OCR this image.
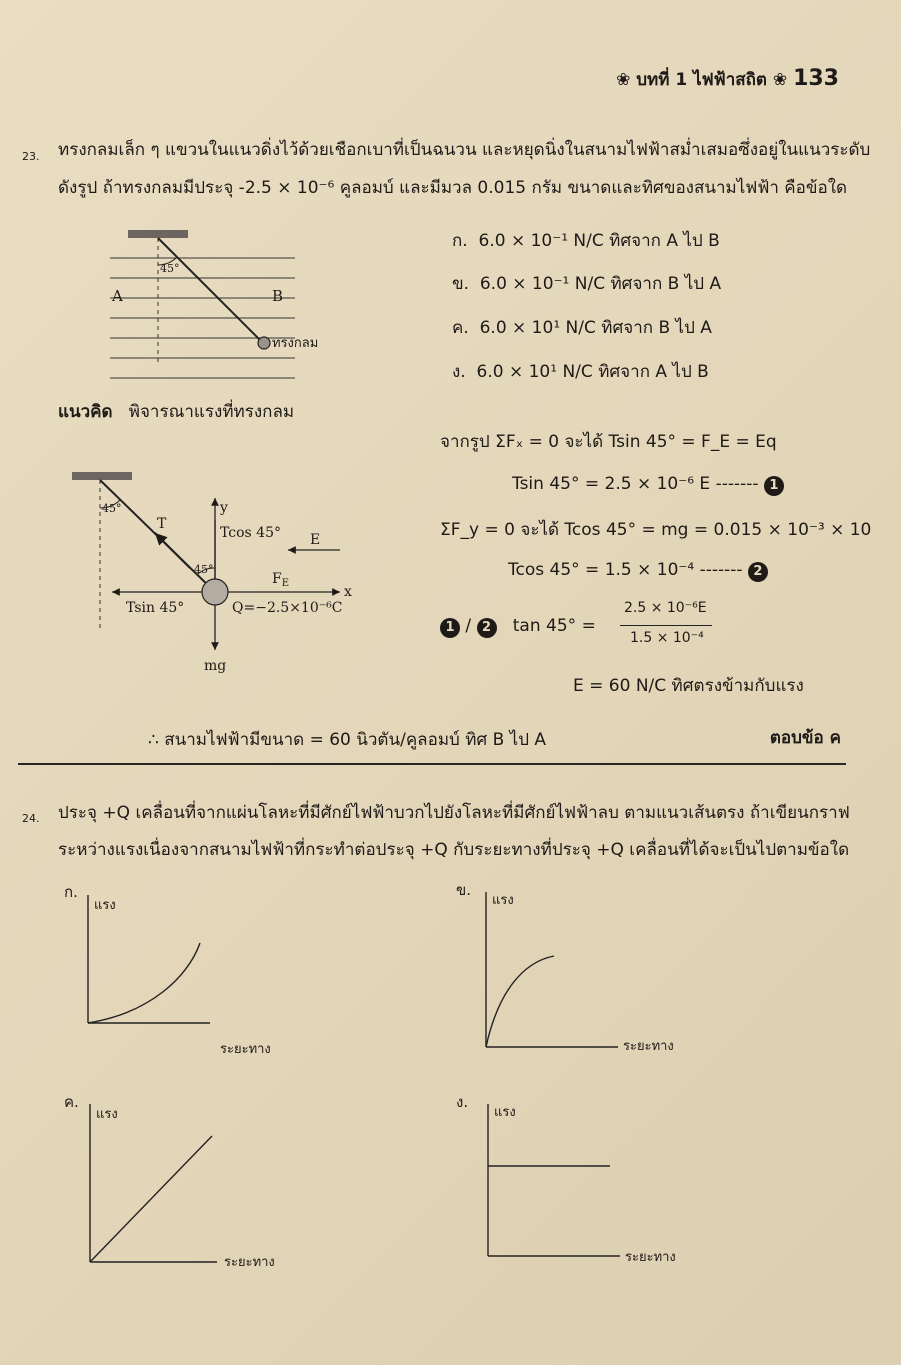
❀ บทที่ 1 ไฟฟ้าสถิต ❀ 133
23. ทรงกลมเล็ก ๆ แขวนในแนวดิ่งไว้ด้วยเชือกเบาที่เป็นฉนวน และหยุดนิ่งในสนามไฟฟ้าสม่ำเสมอซึ่งอยู่ในแนวระดับ
ดังรูป ถ้าทรงกลมมีประจุ -2.5 × 10⁻⁶ คูลอมบ์ และมีมวล 0.015 กรัม ขนาดและทิศของสนามไฟฟ้า คือข้อใด
45°
A	B
ทรงกลม
ก. 6.0 × 10⁻¹ N/C ทิศจาก A ไป B
ข. 6.0 × 10⁻¹ N/C ทิศจาก B ไป A
ค. 6.0 × 10¹ N/C ทิศจาก B ไป A
ง. 6.0 × 10¹ N/C ทิศจาก A ไป B
แนวคิด พิจารณาแรงที่ทรงกลม
45°
T
y
Tcos 45° E
45°
$F_E$
x
Tsin 45°	Q=−2.5×10⁻⁶C
mg
จากรูป ΣFₓ = 0 จะได้ Tsin 45° = F_E = Eq
Tsin 45° = 2.5 × 10⁻⁶ E ------- 1
ΣF_y = 0 จะได้ Tcos 45° = mg = 0.015 × 10⁻³ × 10
Tcos 45° = 1.5 × 10⁻⁴ ------- 2
1 / 2 tan 45° =
2.5 × 10⁻⁶E
1.5 × 10⁻⁴
E = 60 N/C ทิศตรงข้ามกับแรง
∴ สนามไฟฟ้ามีขนาด = 60 นิวตัน/คูลอมบ์ ทิศ B ไป A	ตอบข้อ ค
24. ประจุ +Q เคลื่อนที่จากแผ่นโลหะที่มีศักย์ไฟฟ้าบวกไปยังโลหะที่มีศักย์ไฟฟ้าลบ ตามแนวเส้นตรง ถ้าเขียนกราฟ
ระหว่างแรงเนื่องจากสนามไฟฟ้าที่กระทำต่อประจุ +Q กับระยะทางที่ประจุ +Q เคลื่อนที่ได้จะเป็นไปตามข้อใด
ก.
แรง
ระยะทาง
ข.
แรง
ระยะทาง
ค.
แรง
ระยะทาง
ง.
แรง
ระยะทาง
